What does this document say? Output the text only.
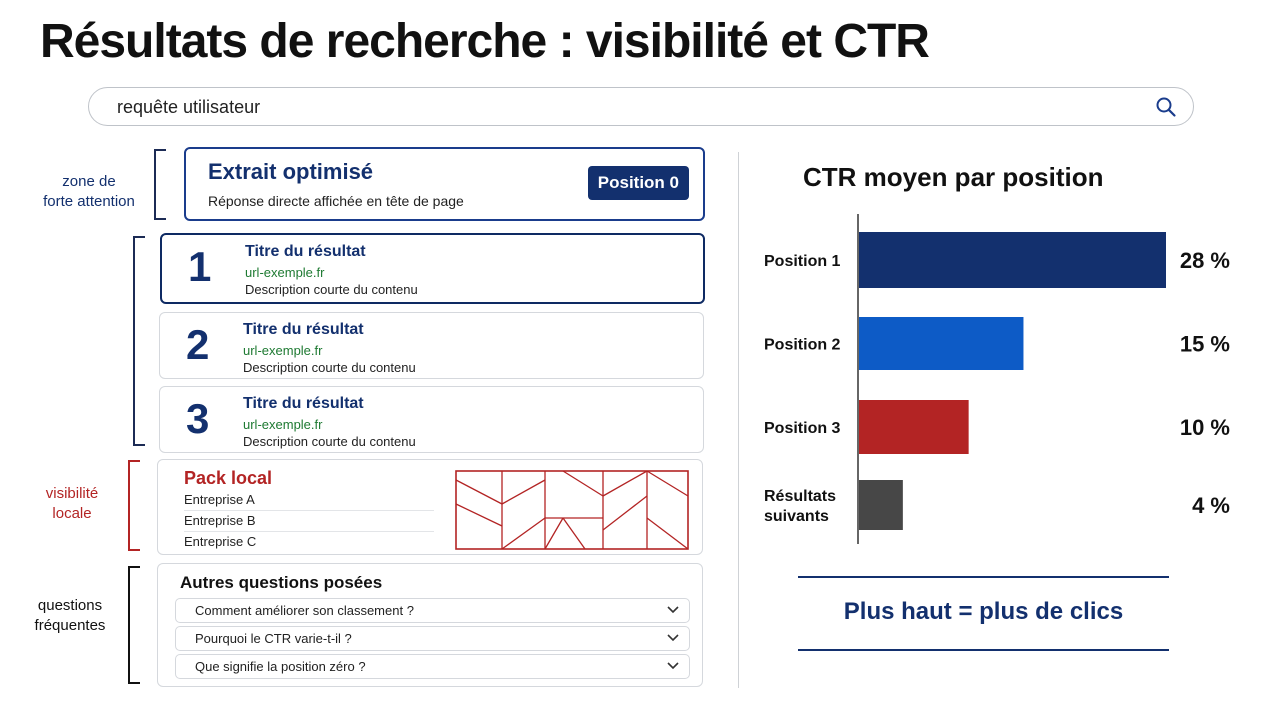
Résultats de recherche : visibilité et CTR
requête utilisateur
zone de
forte attention
visibilité
locale
questions
fréquentes
Extrait optimisé
Réponse directe affichée en tête de page
Position 0
1 Titre du résultat
url-exemple.fr
Description courte du contenu
2 Titre du résultat
url-exemple.fr
Description courte du contenu
3 Titre du résultat
url-exemple.fr
Description courte du contenu
Pack local
Entreprise A
Entreprise B
Entreprise C
Autres questions posées
Comment améliorer son classement ?
Pourquoi le CTR varie-t-il ?
Que signifie la position zéro ?
CTR moyen par position
Position 1	28 %
Position 2	15 %
Position 3	10 %
Résultats suivants	4 %
Plus haut = plus de clics
